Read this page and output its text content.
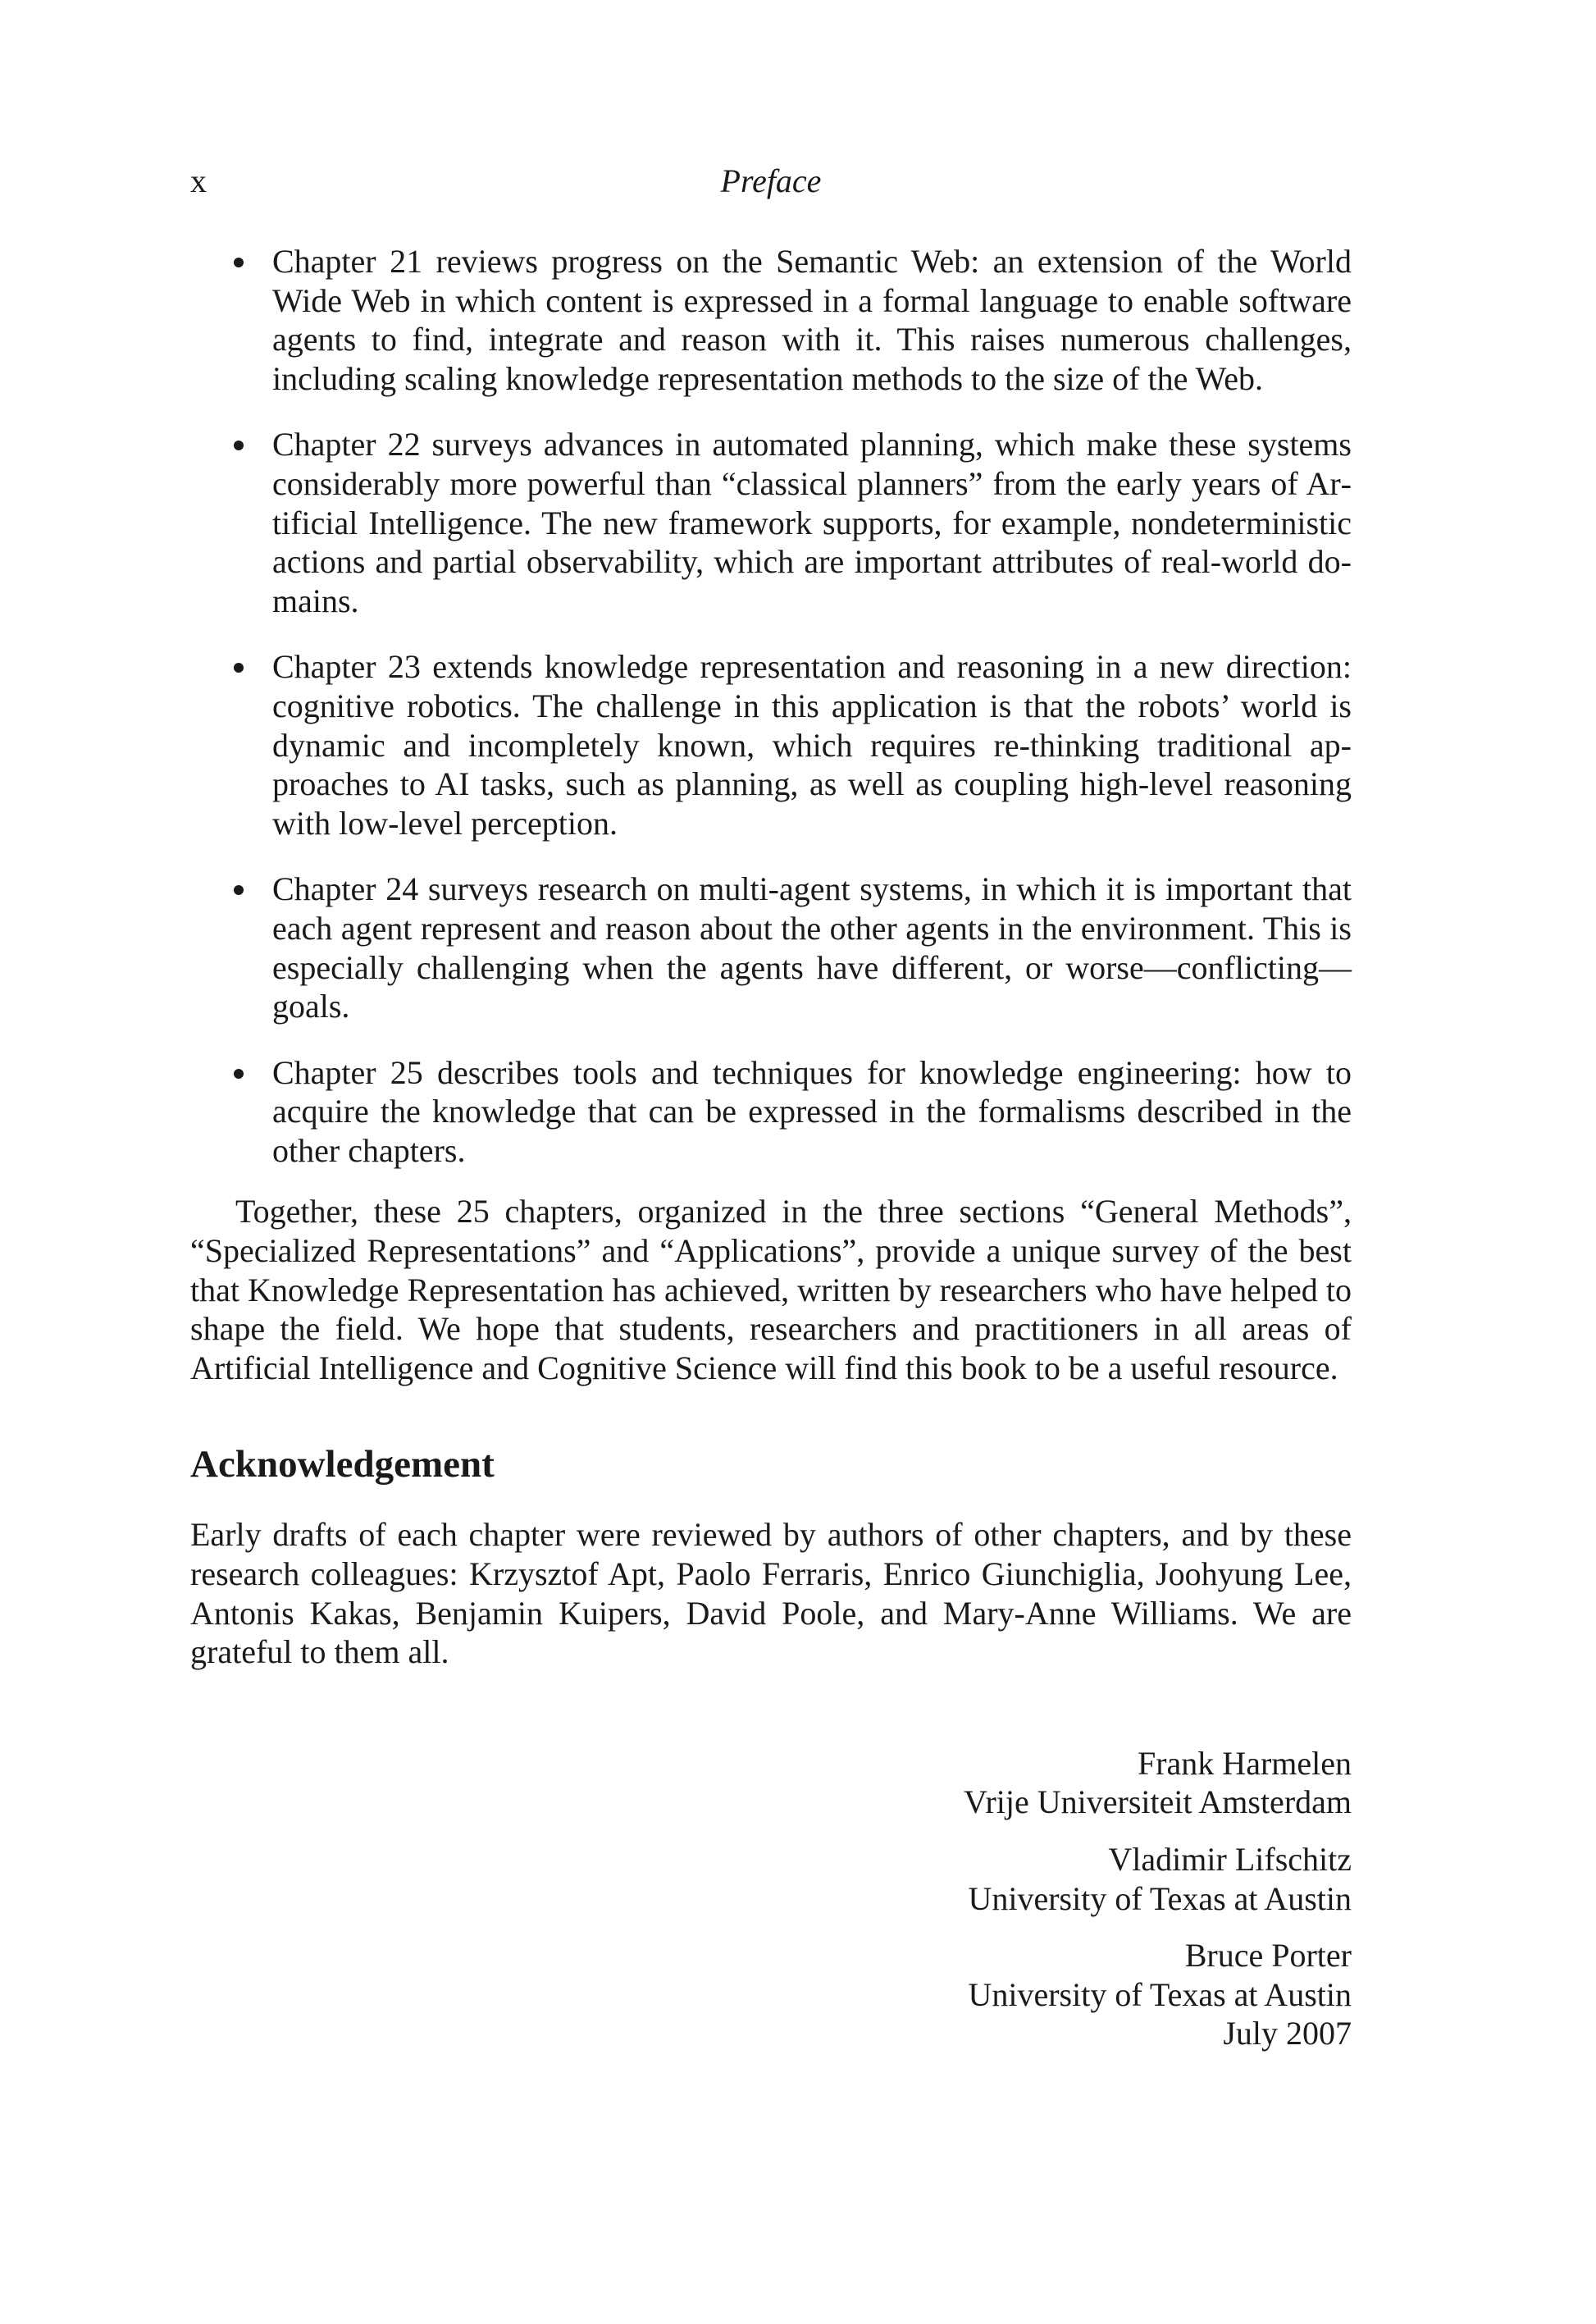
x	Preface
Chapter 21 reviews progress on the Semantic Web: an extension of the World Wide Web in which content is expressed in a formal language to enable software agents to find, integrate and reason with it. This raises numerous challenges, including scaling knowledge representation methods to the size of the Web.
Chapter 22 surveys advances in automated planning, which make these systems considerably more powerful than “classical planners” from the early years of Artificial Intelligence. The new framework supports, for example, nondeterministic actions and partial observability, which are important attributes of real-world domains.
Chapter 23 extends knowledge representation and reasoning in a new direction: cognitive robotics. The challenge in this application is that the robots’ world is dynamic and incompletely known, which requires re-thinking traditional approaches to AI tasks, such as planning, as well as coupling high-level reasoning with low-level perception.
Chapter 24 surveys research on multi-agent systems, in which it is important that each agent represent and reason about the other agents in the environment. This is especially challenging when the agents have different, or worse—conflicting—goals.
Chapter 25 describes tools and techniques for knowledge engineering: how to acquire the knowledge that can be expressed in the formalisms described in the other chapters.

Together, these 25 chapters, organized in the three sections “General Methods”, “Specialized Representations” and “Applications”, provide a unique survey of the best that Knowledge Representation has achieved, written by researchers who have helped to shape the field. We hope that students, researchers and practitioners in all areas of Artificial Intelligence and Cognitive Science will find this book to be a useful resource.

Acknowledgement

Early drafts of each chapter were reviewed by authors of other chapters, and by these research colleagues: Krzysztof Apt, Paolo Ferraris, Enrico Giunchiglia, Joohyung Lee, Antonis Kakas, Benjamin Kuipers, David Poole, and Mary-Anne Williams. We are grateful to them all.

Frank Harmelen
Vrije Universiteit Amsterdam
Vladimir Lifschitz
University of Texas at Austin
Bruce Porter
University of Texas at Austin
July 2007
